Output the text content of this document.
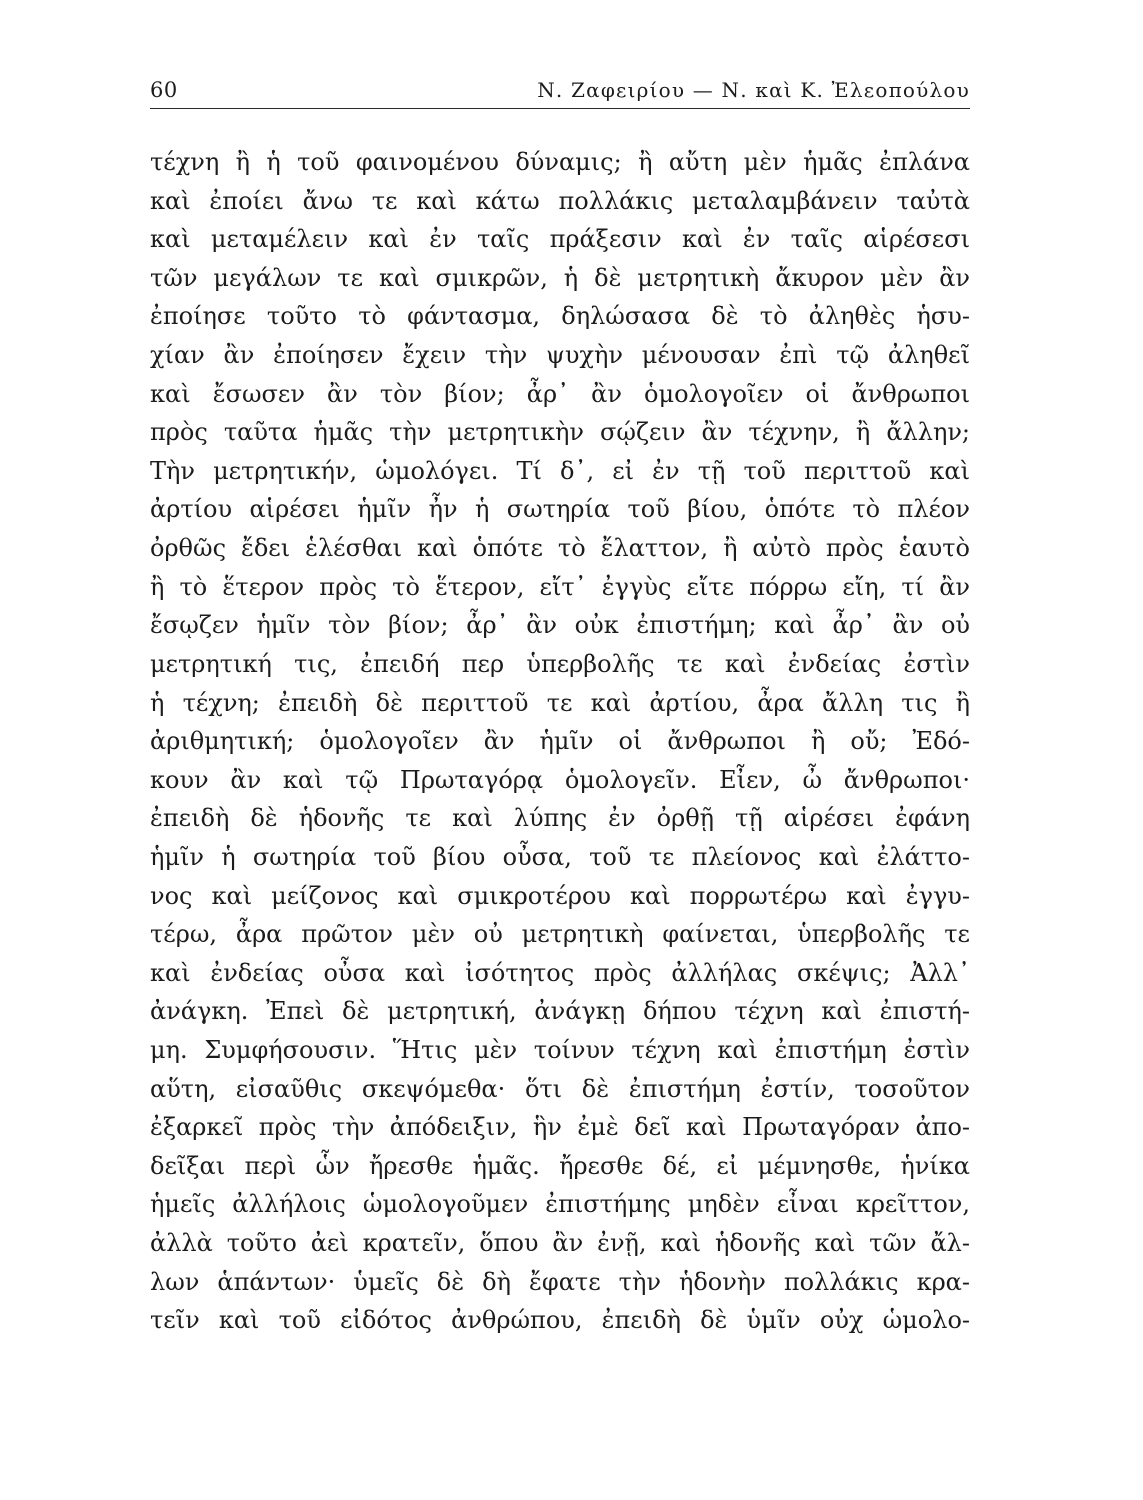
60	Ν. Ζαφειρίου — Ν. καὶ Κ. Ἐλεοπούλου
τέχνη ἢ ἡ τοῦ φαινομένου δύναμις; ἢ αὔτη μὲν ἡμᾶς ἐπλάνα
καὶ ἐποίει ἄνω τε καὶ κάτω πολλάκις μεταλαμβάνειν ταὐτὰ
καὶ μεταμέλειν καὶ ἐν ταῖς πράξεσιν καὶ ἐν ταῖς αἱρέσεσι
τῶν μεγάλων τε καὶ σμικρῶν, ἡ δὲ μετρητικὴ ἄκυρον μὲν ἂν
ἐποίησε τοῦτο τὸ φάντασμα, δηλώσασα δὲ τὸ ἀληθὲς ἡσυ-
χίαν ἂν ἐποίησεν ἔχειν τὴν ψυχὴν μένουσαν ἐπὶ τῷ ἀληθεῖ
καὶ ἔσωσεν ἂν τὸν βίον; ἆρ᾽ ἂν ὁμολογοῖεν οἱ ἄνθρωποι
πρὸς ταῦτα ἡμᾶς τὴν μετρητικὴν σῴζειν ἂν τέχνην, ἢ ἄλλην;
Τὴν μετρητικήν, ὡμολόγει. Τί δ᾽, εἰ ἐν τῇ τοῦ περιττοῦ καὶ
ἀρτίου αἱρέσει ἡμῖν ἦν ἡ σωτηρία τοῦ βίου, ὁπότε τὸ πλέον
ὀρθῶς ἔδει ἑλέσθαι καὶ ὁπότε τὸ ἔλαττον, ἢ αὐτὸ πρὸς ἑαυτὸ
ἢ τὸ ἕτερον πρὸς τὸ ἕτερον, εἴτ᾽ ἐγγὺς εἴτε πόρρω εἴη, τί ἂν
ἔσῳζεν ἡμῖν τὸν βίον; ἆρ᾽ ἂν οὐκ ἐπιστήμη; καὶ ἆρ᾽ ἂν οὐ
μετρητική τις, ἐπειδή περ ὑπερβολῆς τε καὶ ἐνδείας ἐστὶν
ἡ τέχνη; ἐπειδὴ δὲ περιττοῦ τε καὶ ἀρτίου, ἆρα ἄλλη τις ἢ
ἀριθμητική; ὁμολογοῖεν ἂν ἡμῖν οἱ ἄνθρωποι ἢ οὔ; Ἐδό-
κουν ἂν καὶ τῷ Πρωταγόρᾳ ὁμολογεῖν. Εἶεν, ὦ ἄνθρωποι·
ἐπειδὴ δὲ ἡδονῆς τε καὶ λύπης ἐν ὀρθῇ τῇ αἱρέσει ἐφάνη
ἡμῖν ἡ σωτηρία τοῦ βίου οὖσα, τοῦ τε πλείονος καὶ ἐλάττο-
νος καὶ μείζονος καὶ σμικροτέρου καὶ πορρωτέρω καὶ ἐγγυ-
τέρω, ἆρα πρῶτον μὲν οὐ μετρητικὴ φαίνεται, ὑπερβολῆς τε
καὶ ἐνδείας οὖσα καὶ ἰσότητος πρὸς ἀλλήλας σκέψις; Ἀλλ᾽
ἀνάγκη. Ἐπεὶ δὲ μετρητική, ἀνάγκῃ δήπου τέχνη καὶ ἐπιστή-
μη. Συμφήσουσιν. Ἥτις μὲν τοίνυν τέχνη καὶ ἐπιστήμη ἐστὶν
αὕτη, εἰσαῦθις σκεψόμεθα· ὅτι δὲ ἐπιστήμη ἐστίν, τοσοῦτον
ἐξαρκεῖ πρὸς τὴν ἀπόδειξιν, ἣν ἐμὲ δεῖ καὶ Πρωταγόραν ἀπο-
δεῖξαι περὶ ὧν ἤρεσθε ἡμᾶς. ἤρεσθε δέ, εἰ μέμνησθε, ἡνίκα
ἡμεῖς ἀλλήλοις ὡμολογοῦμεν ἐπιστήμης μηδὲν εἶναι κρεῖττον,
ἀλλὰ τοῦτο ἀεὶ κρατεῖν, ὅπου ἂν ἐνῇ, καὶ ἡδονῆς καὶ τῶν ἄλ-
λων ἁπάντων· ὑμεῖς δὲ δὴ ἔφατε τὴν ἡδονὴν πολλάκις κρα-
τεῖν καὶ τοῦ εἰδότος ἀνθρώπου, ἐπειδὴ δὲ ὑμῖν οὐχ ὡμολο-
